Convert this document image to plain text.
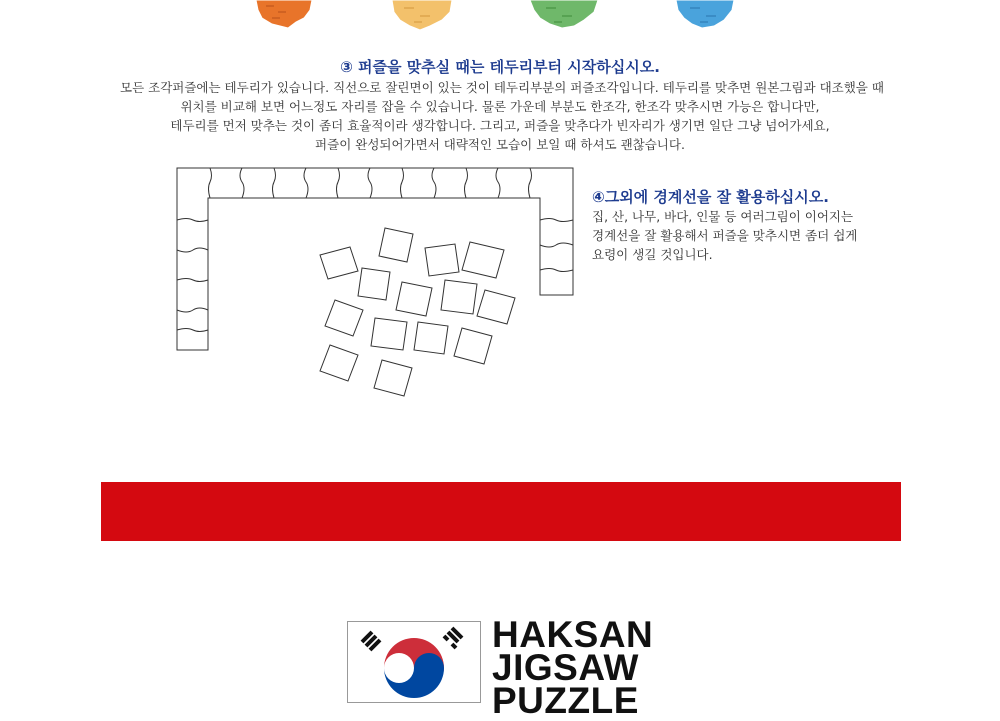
③ 퍼즐을 맞추실 때는 테두리부터 시작하십시오.
모든 조각퍼즐에는 테두리가 있습니다. 직선으로 잘린면이 있는 것이 테두리부분의 퍼즐조각입니다. 테두리를 맞추면 원본그림과 대조했을 때
위치를 비교해 보면 어느정도 자리를 잡을 수 있습니다. 물론 가운데 부분도 한조각, 한조각 맞추시면 가능은 합니다만,
테두리를 먼저 맞추는 것이 좀더 효율적이라 생각합니다. 그리고, 퍼즐을 맞추다가 빈자리가 생기면 일단 그냥 넘어가세요,
퍼즐이 완성되어가면서 대략적인 모습이 보일 때 하셔도 괜찮습니다.
④그외에 경계선을 잘 활용하십시오.
집, 산, 나무, 바다, 인물 등 여러그림이 이어지는
경계선을 잘 활용해서 퍼즐을 맞추시면 좀더 쉽게
요령이 생길 것입니다.
HAKSAN
JIGSAW
PUZZLE
